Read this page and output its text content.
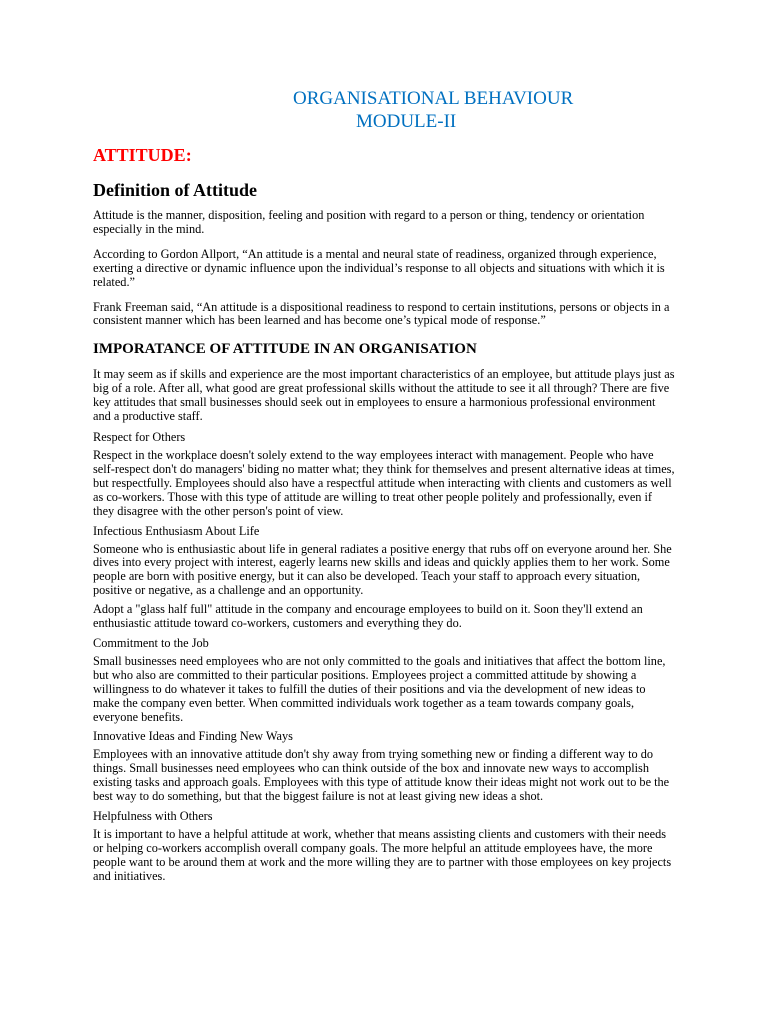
ORGANISATIONAL BEHAVIOUR
MODULE-II
ATTITUDE:
Definition of Attitude

Attitude is the manner, disposition, feeling and position with regard to a person or thing, tendency or orientation especially in the mind.

According to Gordon Allport, “An attitude is a mental and neural state of readiness, organized through experience, exerting a directive or dynamic influence upon the individual’s response to all objects and situations with which it is related.”

Frank Freeman said, “An attitude is a dispositional readiness to respond to certain institutions, persons or objects in a consistent manner which has been learned and has become one’s typical mode of response.”

IMPORATANCE OF ATTITUDE IN AN ORGANISATION

It may seem as if skills and experience are the most important characteristics of an employee, but attitude plays just as big of a role. After all, what good are great professional skills without the attitude to see it all through? There are five key attitudes that small businesses should seek out in employees to ensure a harmonious professional environment and a productive staff.

Respect for Others

Respect in the workplace doesn't solely extend to the way employees interact with management. People who have self-respect don't do managers' biding no matter what; they think for themselves and present alternative ideas at times, but respectfully. Employees should also have a respectful attitude when interacting with clients and customers as well as co-workers. Those with this type of attitude are willing to treat other people politely and professionally, even if they disagree with the other person's point of view.

Infectious Enthusiasm About Life

Someone who is enthusiastic about life in general radiates a positive energy that rubs off on everyone around her. She dives into every project with interest, eagerly learns new skills and ideas and quickly applies them to her work. Some people are born with positive energy, but it can also be developed. Teach your staff to approach every situation, positive or negative, as a challenge and an opportunity.

Adopt a "glass half full" attitude in the company and encourage employees to build on it. Soon they'll extend an enthusiastic attitude toward co-workers, customers and everything they do.

Commitment to the Job

Small businesses need employees who are not only committed to the goals and initiatives that affect the bottom line, but who also are committed to their particular positions. Employees project a committed attitude by showing a willingness to do whatever it takes to fulfill the duties of their positions and via the development of new ideas to make the company even better. When committed individuals work together as a team towards company goals, everyone benefits.

Innovative Ideas and Finding New Ways

Employees with an innovative attitude don't shy away from trying something new or finding a different way to do things. Small businesses need employees who can think outside of the box and innovate new ways to accomplish existing tasks and approach goals. Employees with this type of attitude know their ideas might not work out to be the best way to do something, but that the biggest failure is not at least giving new ideas a shot.

Helpfulness with Others

It is important to have a helpful attitude at work, whether that means assisting clients and customers with their needs or helping co-workers accomplish overall company goals. The more helpful an attitude employees have, the more people want to be around them at work and the more willing they are to partner with those employees on key projects and initiatives.
